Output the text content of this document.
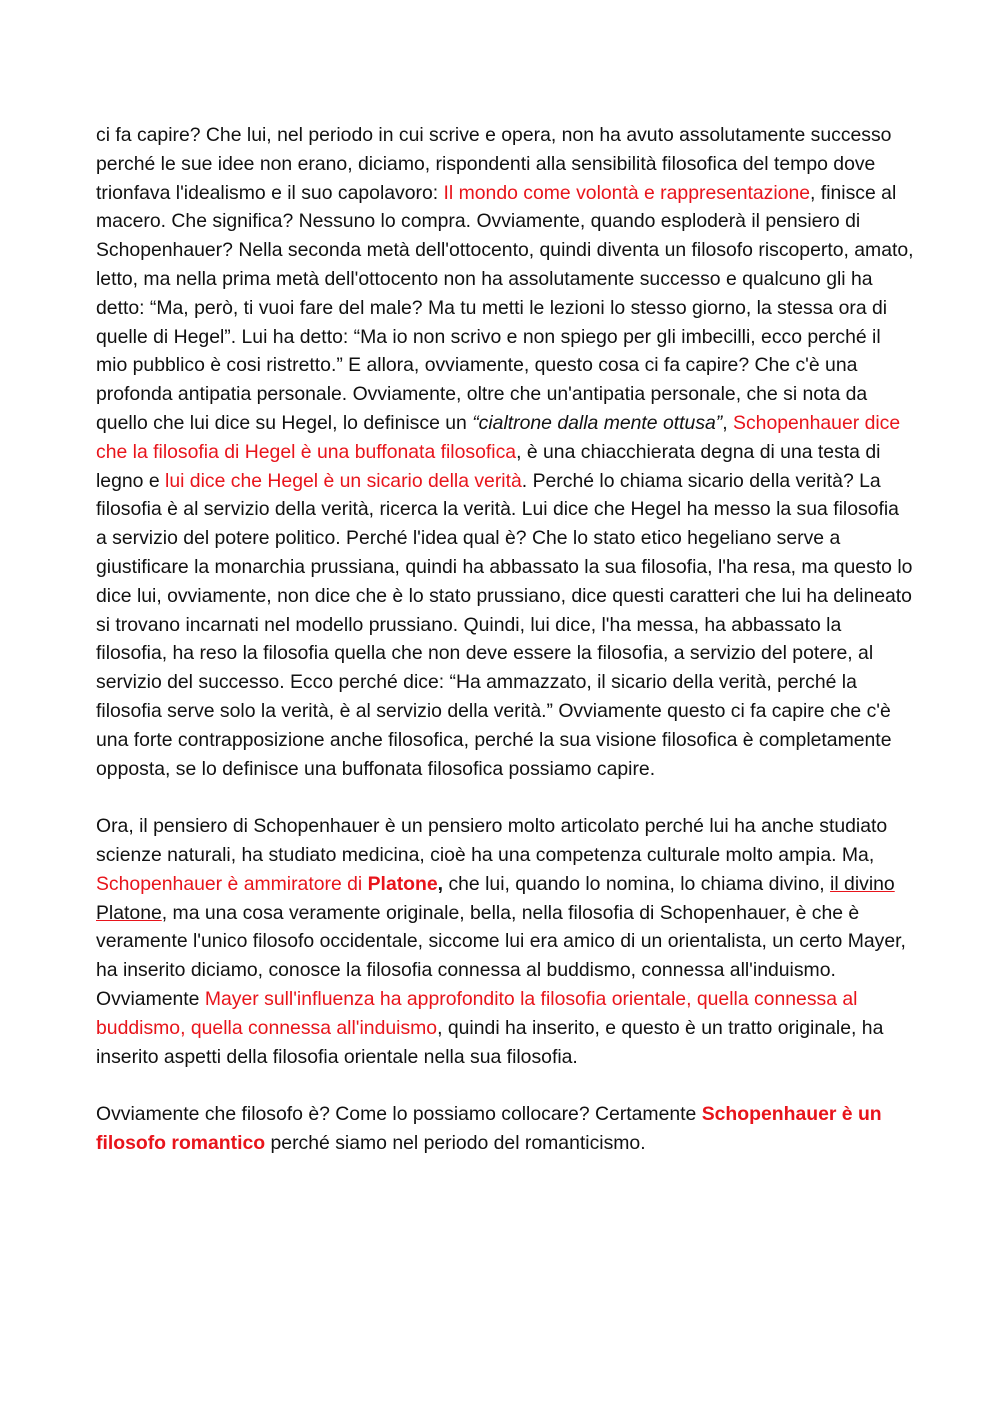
ci fa capire? Che lui, nel periodo in cui scrive e opera, non ha avuto assolutamente successo perché le sue idee non erano, diciamo, rispondenti alla sensibilità filosofica del tempo dove trionfava l'idealismo e il suo capolavoro: Il mondo come volontà e rappresentazione, finisce al macero. Che significa? Nessuno lo compra. Ovviamente, quando esploderà il pensiero di Schopenhauer? Nella seconda metà dell'ottocento, quindi diventa un filosofo riscoperto, amato, letto, ma nella prima metà dell'ottocento non ha assolutamente successo e qualcuno gli ha detto: “Ma, però, ti vuoi fare del male? Ma tu metti le lezioni lo stesso giorno, la stessa ora di quelle di Hegel”. Lui ha detto: “Ma io non scrivo e non spiego per gli imbecilli, ecco perché il mio pubblico è cosi ristretto.” E allora, ovviamente, questo cosa ci fa capire? Che c'è una profonda antipatia personale. Ovviamente, oltre che un'antipatia personale, che si nota da quello che lui dice su Hegel, lo definisce un “cialtrone dalla mente ottusa”, Schopenhauer dice che la filosofia di Hegel è una buffonata filosofica, è una chiacchierata degna di una testa di legno e lui dice che Hegel è un sicario della verità. Perché lo chiama sicario della verità? La filosofia è al servizio della verità, ricerca la verità. Lui dice che Hegel ha messo la sua filosofia a servizio del potere politico. Perché l'idea qual è? Che lo stato etico hegeliano serve a giustificare la monarchia prussiana, quindi ha abbassato la sua filosofia, l'ha resa, ma questo lo dice lui, ovviamente, non dice che è lo stato prussiano, dice questi caratteri che lui ha delineato si trovano incarnati nel modello prussiano. Quindi, lui dice, l'ha messa, ha abbassato la filosofia, ha reso la filosofia quella che non deve essere la filosofia, a servizio del potere, al servizio del successo. Ecco perché dice: “Ha ammazzato, il sicario della verità, perché la filosofia serve solo la verità, è al servizio della verità.” Ovviamente questo ci fa capire che c'è una forte contrapposizione anche filosofica, perché la sua visione filosofica è completamente opposta, se lo definisce una buffonata filosofica possiamo capire.

Ora, il pensiero di Schopenhauer è un pensiero molto articolato perché lui ha anche studiato scienze naturali, ha studiato medicina, cioè ha una competenza culturale molto ampia. Ma, Schopenhauer è ammiratore di Platone, che lui, quando lo nomina, lo chiama divino, il divino Platone, ma una cosa veramente originale, bella, nella filosofia di Schopenhauer, è che è veramente l'unico filosofo occidentale, siccome lui era amico di un orientalista, un certo Mayer, ha inserito diciamo, conosce la filosofia connessa al buddismo, connessa all'induismo. Ovviamente Mayer sull'influenza ha approfondito la filosofia orientale, quella connessa al buddismo, quella connessa all'induismo, quindi ha inserito, e questo è un tratto originale, ha inserito aspetti della filosofia orientale nella sua filosofia.

Ovviamente che filosofo è? Come lo possiamo collocare? Certamente Schopenhauer è un filosofo romantico perché siamo nel periodo del romanticismo.
